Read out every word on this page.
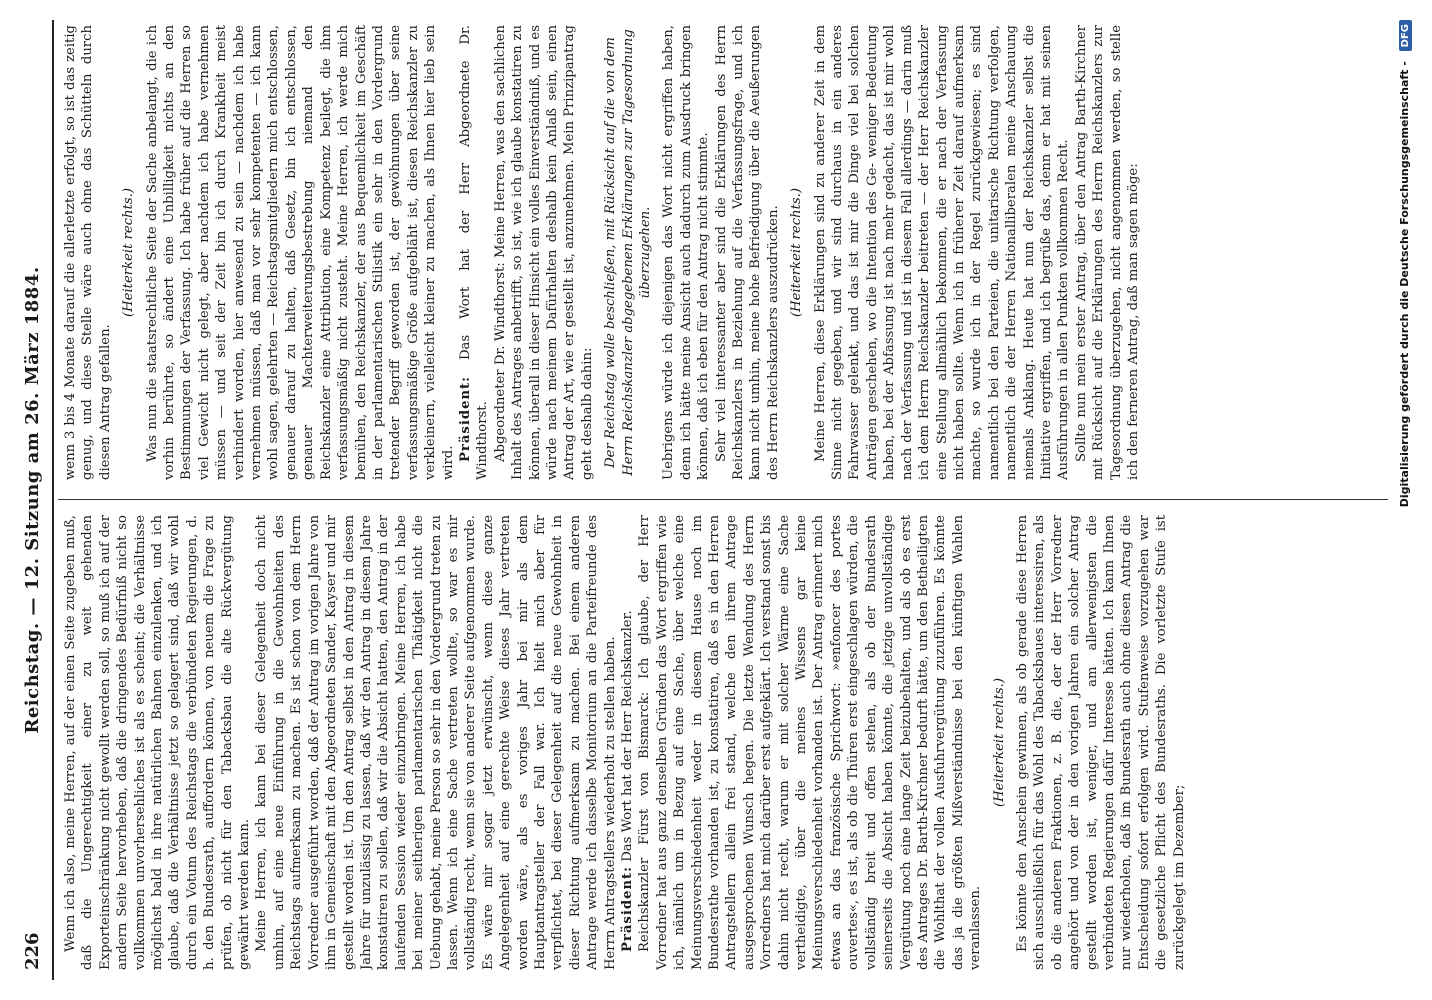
226
Reichstag. — 12. Sitzung am 26. März 1884. Wenn ich also, meine Herren, auf der einen Seite zugeben muß, daß die Ungerechtigkeit einer zu weit gehenden Exporteinschränkung nicht gewollt werden soll, so muß ich auf der andern Seite hervorheben, daß die dringendes Bedürfniß nicht so vollkommen unvorhersehliches ist als es scheint; die Verhältnisse möglichst bald in ihre natürlichen Bahnen einzulenken, und ich glaube, daß die Verhältnisse jetzt so gelagert sind, daß wir wohl durch ein Votum des Reichstags die verbündeten Regierungen, d. h. den Bundesrath, auffordern können, von neuem die Frage zu prüfen, ob nicht für den Tabacksbau die alte Rückvergütung gewährt werden kann. Meine Herren, ich kann bei dieser Gelegenheit doch nicht umhin, auf eine neue Einführung in die Gewohnheiten des Reichstags aufmerksam zu machen. Es ist schon von dem Herrn Vorredner ausgeführt worden, daß der Antrag im vorigen Jahre von ihm in Gemeinschaft mit den Abgeordneten Sander, Kayser und mir gestellt worden ist. Um den Antrag selbst in den Antrag in diesem Jahre für unzulässig zu lassen, daß wir den Antrag in diesem Jahre konstatiren zu sollen, daß wir die Absicht hatten, den Antrag in der laufenden Session wieder einzubringen. Meine Herren, ich habe bei meiner seitherigen parlamentarischen Thätigkeit nicht die Uebung gehabt, meine Person so sehr in den Vordergrund treten zu lassen. Wenn ich eine Sache vertreten wollte, so war es mir vollständig recht, wenn sie von anderer Seite aufgenommen wurde. Es wäre mir sogar jetzt erwünscht, wenn diese ganze Angelegenheit auf eine gerechte Weise dieses Jahr vertreten worden wäre, als es voriges Jahr bei mir als dem Hauptantragsteller der Fall war. Ich hielt mich aber für verpflichtet, bei dieser Gelegenheit auf die neue Gewohnheit in dieser Richtung aufmerksam zu machen. Bei einem anderen Antrage werde ich dasselbe Monitorium an die Parteifreunde des Herrn Antragstellers wiederholt zu stellen haben. Präsident: Das Wort hat der Herr Reichskanzler. Reichskanzler Fürst von Bismarck: Ich glaube, der Herr Vorredner hat aus ganz denselben Gründen das Wort ergriffen wie ich, nämlich um in Bezug auf eine Sache, über welche eine Meinungsverschiedenheit weder in diesem Hause noch im Bundesrathe vorhanden ist, zu konstatiren, daß es in den Herren Antragstellern allein frei stand, welche den ihrem Antrage ausgesprochenen Wunsch hegen. Die letzte Wendung des Herrn Vorredners hat mich darüber erst aufgeklärt. Ich verstand sonst bis dahin nicht recht, warum er mit solcher Wärme eine Sache vertheidigte, über die meines Wissens gar keine Meinungsverschiedenheit vorhanden ist. Der Antrag erinnert mich etwas an das französische Sprichwort: »enfoncer des portes ouvertes«, es ist, als ob die Thüren erst eingeschlagen würden, die vollständig breit und offen stehen, als ob der Bundesrath seinerseits die Absicht haben könnte, die jetzige unvollständige Vergütung noch eine lange Zeit beizubehalten, und als ob es erst des Antrages Dr. Barth-Kirchner bedurft hätte, um den Betheiligten die Wohlthat der vollen Ausfuhrvergütung zuzuführen. Es könnte das ja die größten Mißverständnisse bei den künftigen Wahlen veranlassen.

(Heiterkeit rechts.) Es könnte den Anschein gewinnen, als ob gerade diese Herren sich ausschließlich für das Wohl des Tabacksbaues interessiren, als ob die anderen Fraktionen, z. B. die, der der Herr Vorredner angehört und von der in den vorigen Jahren ein solcher Antrag gestellt worden ist, weniger, und am allerwenigsten die verbündeten Regierungen dafür Interesse hätten. Ich kann Ihnen nur wiederholen, daß im Bundesrath auch ohne diesen Antrag die Entscheidung sofort erfolgen wird. Stufenweise vorzugehen war die gesetzliche Pflicht des Bundesraths. Die vorletzte Stufe ist zurückgelegt im Dezember;

wenn 3 bis 4 Monate darauf die allerletzte erfolgt, so ist das zeitig genug, und diese Stelle wäre auch ohne das Schütteln durch diesen Antrag gefallen.

(Heiterkeit rechts.) Was nun die staatsrechtliche Seite der Sache anbelangt, die ich vorhin berührte, so ändert eine Unbilligkeit nichts an den Bestimmungen der Verfassung. Ich habe früher auf die Herren so viel Gewicht nicht gelegt, aber nachdem ich habe vernehmen müssen — und seit der Zeit bin ich durch Krankheit meist verhindert worden, hier anwesend zu sein — nachdem ich habe vernehmen müssen, daß man vor sehr kompetenten — ich kann wohl sagen, gelehrten — Reichstagsmitgliedern mich entschlossen, genauer darauf zu halten, daß Gesetz, bin ich entschlossen, genauer Machterweiterungsbestrebung niemand den Reichskanzler eine Attribution, eine Kompetenz beilegt, die ihm verfassungsmäßig nicht zusteht. Meine Herren, ich werde mich bemühen, den Reichskanzler, der aus Bequemlichkeit im Geschäft in der parlamentarischen Stilistik ein sehr in den Vordergrund tretender Begriff geworden ist, der gewöhnungen über seine verfassungsmäßige Größe aufgebläht ist, diesen Reichskanzler zu verkleinern, vielleicht kleiner zu machen, als Ihnen hier lieb sein wird.

Präsident: Das Wort hat der Herr Abgeordnete Dr. Windthorst. Abgeordneter Dr. Windthorst: Meine Herren, was den sachlichen Inhalt des Antrages anbetrifft, so ist, wie ich glaube konstatiren zu können, überall in dieser Hinsicht ein volles Einverständniß, und es würde nach meinem Dafürhalten deshalb kein Anlaß sein, einen Antrag der Art, wie er gestellt ist, anzunehmen. Mein Prinzipantrag geht deshalb dahin: Der Reichstag wolle beschließen, mit Rücksicht auf die von dem Herrn Reichskanzler abgegebenen Erklärungen zur Tagesordnung überzugehen. Uebrigens würde ich diejenigen das Wort nicht ergriffen haben, denn ich hätte meine Ansicht auch dadurch zum Ausdruck bringen können, daß ich eben für den Antrag nicht stimmte. Sehr viel interessanter aber sind die Erklärungen des Herrn Reichskanzlers in Beziehung auf die Verfassungsfrage, und ich kann nicht umhin, meine hohe Befriedigung über die Aeußerungen des Herrn Reichskanzlers auszudrücken. (Heiterkeit rechts.) Meine Herren, diese Erklärungen sind zu anderer Zeit in dem Sinne nicht gegeben, und wir sind durchaus in ein anderes Fahrwasser gelenkt, und das ist mir die Dinge viel bei solchen Anträgen geschehen, wo die Intention des Ge- weniger Bedeutung haben, bei der Abfassung ist nach mehr gedacht, das ist mir wohl nach der Verfassung und ist in diesem Fall allerdings — darin muß ich dem Herrn Reichskanzler beitreten — der Herr Reichskanzler eine Stellung allmählich bekommen, die er nach der Verfassung nicht haben sollte. Wenn ich in früherer Zeit darauf aufmerksam machte, so wurde ich in der Regel zurückgewiesen; es sind namentlich bei den Parteien, die unitarische Richtung verfolgen, namentlich die der Herren Nationalliberalen meine Anschauung niemals Anklang. Heute hat nun der Reichskanzler selbst die Initiative ergriffen, und ich begrüße das, denn er hat mit seinen Ausführungen in allen Punkten vollkommen Recht. Sollte nun mein erster Antrag, über den Antrag Barth-Kirchner mit Rücksicht auf die Erklärungen des Herrn Reichskanzlers zur Tagesordnung überzugehen, nicht angenommen werden, so stelle ich den ferneren Antrag, daß man sagen möge:	Digitalisierung gefördert durch die Deutsche Forschungsgemeinschaft - DFG
